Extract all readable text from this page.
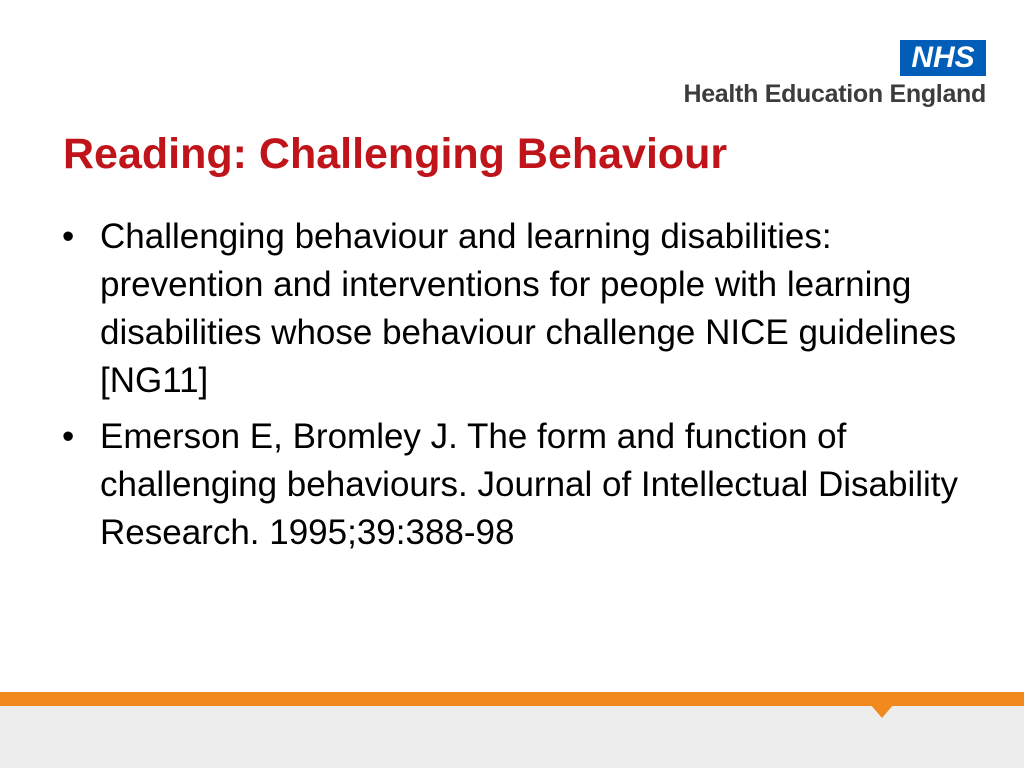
NHS
Health Education England
Reading: Challenging Behaviour
• Challenging behaviour and learning disabilities: prevention and interventions for people with learning disabilities whose behaviour challenge NICE guidelines [NG11]
• Emerson E, Bromley J. The form and function of challenging behaviours. Journal of Intellectual Disability Research. 1995;39:388-98
